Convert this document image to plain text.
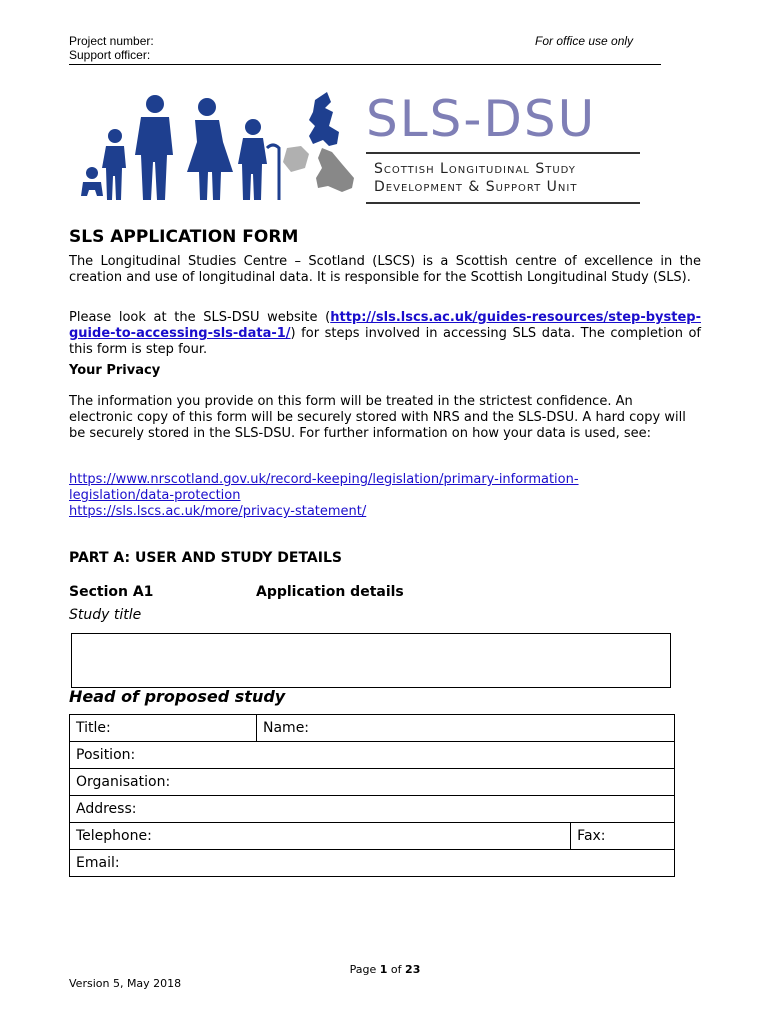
Project number:
Support officer:
For office use only
SLS-DSU
Scottish Longitudinal Study
Development & Support Unit
SLS APPLICATION FORM
The Longitudinal Studies Centre – Scotland (LSCS) is a Scottish centre of excellence in the creation and use of longitudinal data. It is responsible for the Scottish Longitudinal Study (SLS).
Please look at the SLS-DSU website (http://sls.lscs.ac.uk/guides-resources/step-bystep-guide-to-accessing-sls-data-1/) for steps involved in accessing SLS data. The completion of this form is step four.
Your Privacy
The information you provide on this form will be treated in the strictest confidence. An electronic copy of this form will be securely stored with NRS and the SLS-DSU. A hard copy will be securely stored in the SLS-DSU. For further information on how your data is used, see:
https://www.nrscotland.gov.uk/record-keeping/legislation/primary-information-
legislation/data-protection
https://sls.lscs.ac.uk/more/privacy-statement/
PART A: USER AND STUDY DETAILS
Section A1	Application details
Study title
Head of proposed study
Title:	Name:	
Position:		
Organisation:		
Address:		
Telephone:		Fax:
Email:		
Page 1 of 23
Version 5, May 2018
